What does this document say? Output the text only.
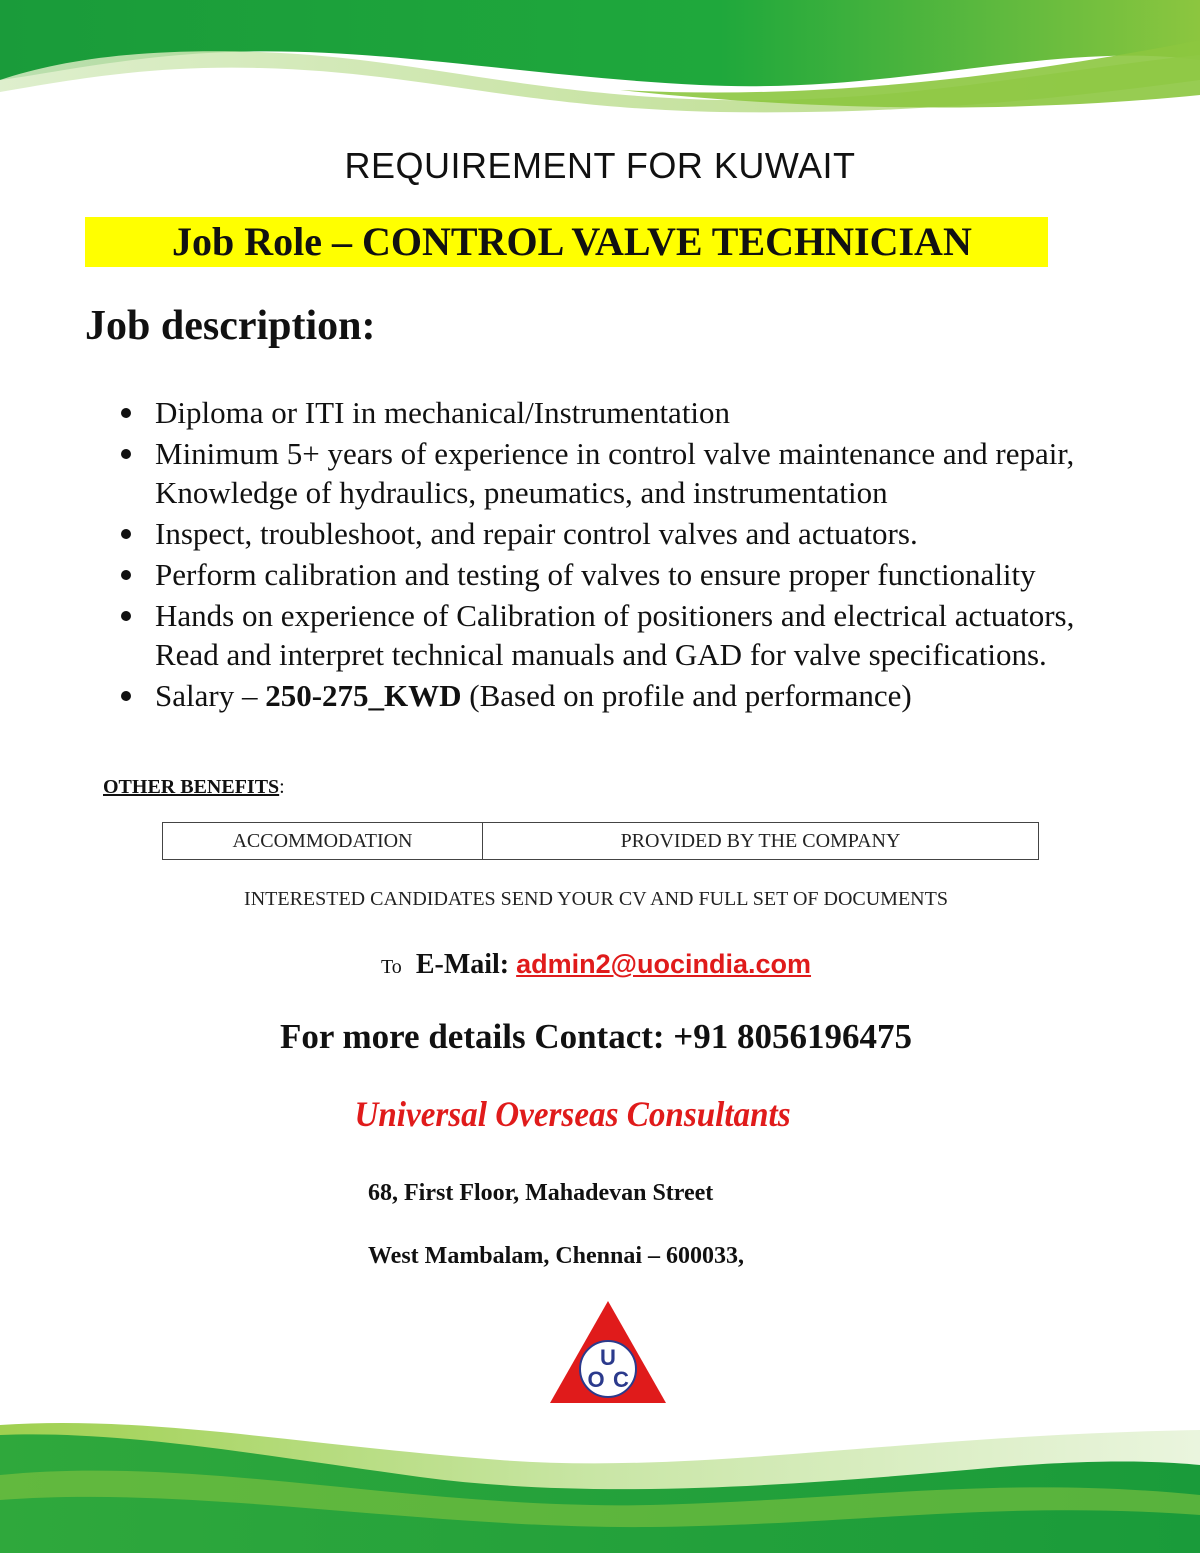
REQUIREMENT FOR KUWAIT
Job Role – CONTROL VALVE TECHNICIAN
Job description:
Diploma or ITI in mechanical/Instrumentation
Minimum 5+ years of experience in control valve maintenance and repair, Knowledge of hydraulics, pneumatics, and instrumentation
Inspect, troubleshoot, and repair control valves and actuators.
Perform calibration and testing of valves to ensure proper functionality
Hands on experience of Calibration of positioners and electrical actuators, Read and interpret technical manuals and GAD for valve specifications.
Salary – 250-275_KWD (Based on profile and performance)
OTHER BENEFITS:
ACCOMMODATION	PROVIDED BY THE COMPANY
INTERESTED CANDIDATES SEND YOUR CV AND FULL SET OF DOCUMENTS
To E-Mail: admin2@uocindia.com
For more details Contact: +91 8056196475
Universal Overseas Consultants
68, First Floor, Mahadevan Street
West Mambalam, Chennai – 600033,
U
O C
